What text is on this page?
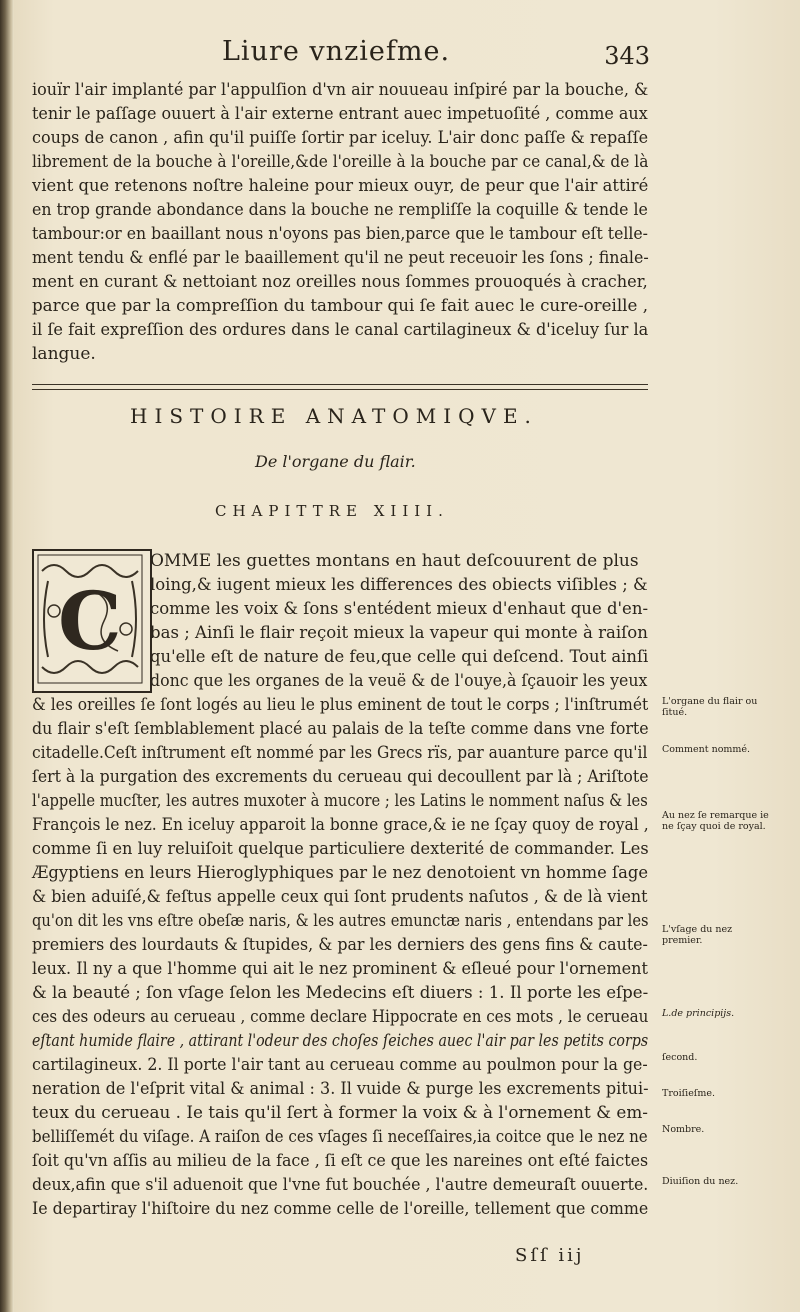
Liure vnziefme.	343
iouïr l'air implanté par l'appulſion d'vn air nouueau inſpiré par la bouche, &
tenir le paſſage ouuert à l'air externe entrant auec impetuoſité , comme aux
coups de canon , afin qu'il puiſſe ſortir par iceluy. L'air donc paſſe & repaſſe
librement de la bouche à l'oreille,&de l'oreille à la bouche par ce canal,& de là
vient que retenons noſtre haleine pour mieux ouyr, de peur que l'air attiré
en trop grande abondance dans la bouche ne rempliſſe la coquille & tende le
tambour:or en baaillant nous n'oyons pas bien,parce que le tambour eſt telle-
ment tendu & enflé par le baaillement qu'il ne peut receuoir les ſons ; finale-
ment en curant & nettoiant noz oreilles nous ſommes prouoqués à cracher,
parce que par la compreſſion du tambour qui ſe fait auec le cure-oreille ,
il ſe fait expreſſion des ordures dans le canal cartilagineux & d'iceluy ſur la
langue.
HISTOIRE ANATOMIQVE.
De l'organe du flair.
CHAPITTRE XIIII.
C
OMME les guettes montans en haut deſcouurent de plus
loing,& iugent mieux les differences des obiects viſibles ; &
comme les voix & ſons s'entédent mieux d'enhaut que d'en-
bas ; Ainſi le flair reçoit mieux la vapeur qui monte à raiſon
qu'elle eſt de nature de feu,que celle qui deſcend. Tout ainſi
donc que les organes de la veuë & de l'ouye,à ſçauoir les yeux
& les oreilles ſe ſont logés au lieu le plus eminent de tout le corps ; l'inſtrumét
du flair s'eſt ſemblablement placé au palais de la teſte comme dans vne forte
citadelle.Ceſt inſtrument eſt nommé par les Grecs rïs, par auanture parce qu'il
ſert à la purgation des excrements du cerueau qui decoullent par là ; Ariſtote
l'appelle mucſter, les autres muxoter à mucore ; les Latins le nomment naſus & les
François le nez. En iceluy apparoit la bonne grace,& ie ne ſçay quoy de royal ,
comme ſi en luy reluiſoit quelque particuliere dexterité de commander. Les
Ægyptiens en leurs Hieroglyphiques par le nez denotoient vn homme ſage
& bien aduiſé,& feſtus appelle ceux qui ſont prudents naſutos , & de là vient
qu'on dit les vns eſtre obeſæ naris, & les autres emunctæ naris , entendans par les
premiers des lourdauts & ſtupides, & par les derniers des gens fins & caute-
leux. Il ny a que l'homme qui ait le nez prominent & eſleué pour l'ornement
& la beauté ; ſon vſage ſelon les Medecins eſt diuers : 1. Il porte les eſpe-
ces des odeurs au cerueau , comme declare Hippocrate en ces mots , le cerueau
eſtant humide flaire , attirant l'odeur des choſes ſeiches auec l'air par les petits corps
cartilagineux. 2. Il porte l'air tant au cerueau comme au poulmon pour la ge-
neration de l'eſprit vital & animal : 3. Il vuide & purge les excrements pitui-
teux du cerueau . Ie tais qu'il ſert à former la voix & à l'ornement & em-
belliſſemét du viſage. A raiſon de ces vſages ſi neceſſaires,ia coitce que le nez ne
ſoit qu'vn aſſis au milieu de la face , ſi eſt ce que les nareines ont eſté faictes
deux,afin que s'il aduenoit que l'vne fut bouchée , l'autre demeuraſt ouuerte.
Ie departiray l'hiſtoire du nez comme celle de l'oreille, tellement que comme
L'organe du flair ou ſitué.
Comment nommé.
Au nez ſe remarque ie ne ſçay quoi de royal.
L'vſage du nez premier.
L.de principijs.
ſecond.
Troiſieſme.
Nombre.
Diuiſion du nez.
Sſſ iij
